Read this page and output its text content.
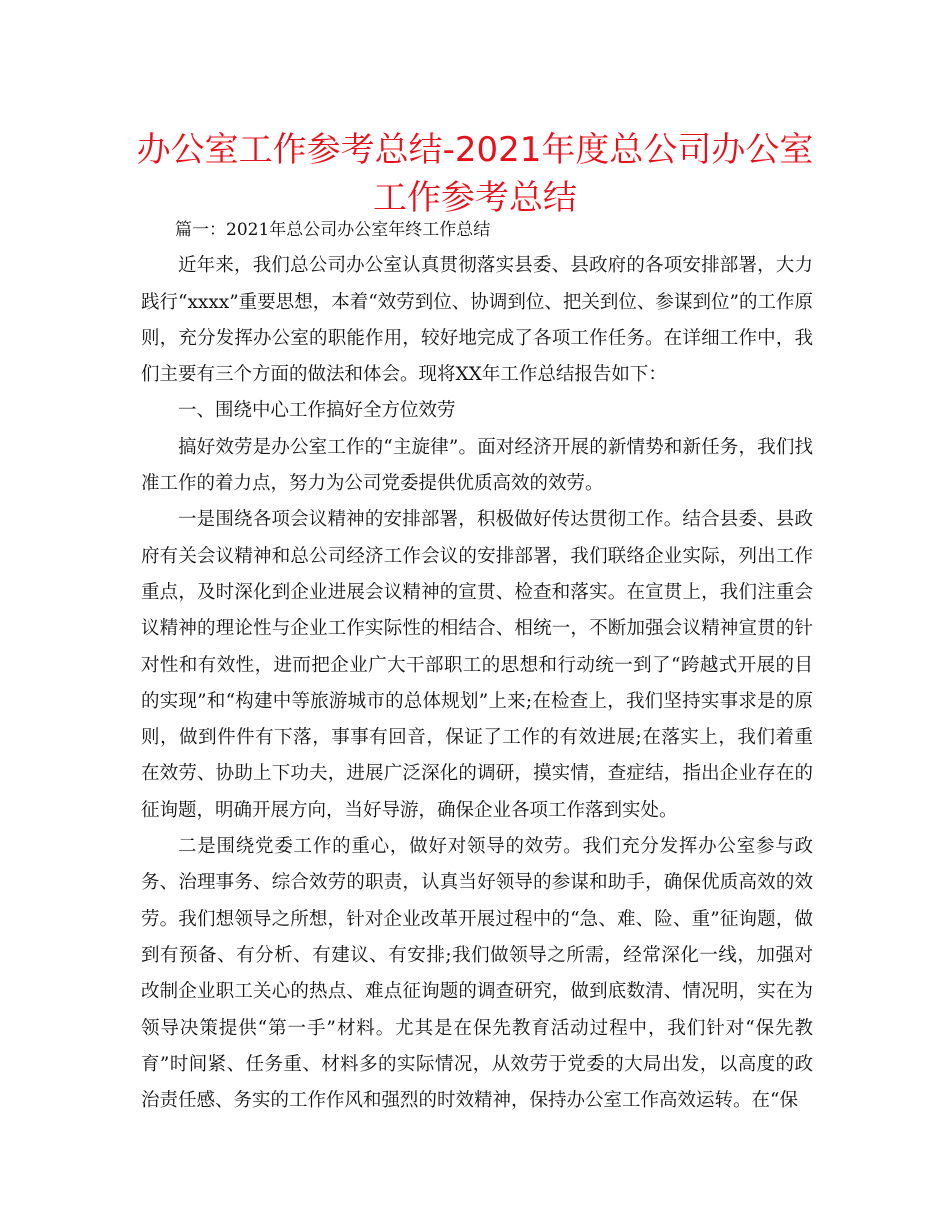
办公室工作参考总结-2021年度总公司办公室工作参考总结

篇一：2021年总公司办公室年终工作总结

近年来，我们总公司办公室认真贯彻落实县委、县政府的各项安排部署，大力践行“xxxx”重要思想，本着“效劳到位、协调到位、把关到位、参谋到位”的工作原则，充分发挥办公室的职能作用，较好地完成了各项工作任务。在详细工作中，我们主要有三个方面的做法和体会。现将XX年工作总结报告如下：

一、围绕中心工作搞好全方位效劳

搞好效劳是办公室工作的“主旋律”。面对经济开展的新情势和新任务，我们找准工作的着力点，努力为公司党委提供优质高效的效劳。

一是围绕各项会议精神的安排部署，积极做好传达贯彻工作。结合县委、县政府有关会议精神和总公司经济工作会议的安排部署，我们联络企业实际，列出工作重点，及时深化到企业进展会议精神的宣贯、检查和落实。在宣贯上，我们注重会议精神的理论性与企业工作实际性的相结合、相统一，不断加强会议精神宣贯的针对性和有效性，进而把企业广大干部职工的思想和行动统一到了“跨越式开展的目的实现”和“构建中等旅游城市的总体规划”上来;在检查上，我们坚持实事求是的原则，做到件件有下落，事事有回音，保证了工作的有效进展;在落实上，我们着重在效劳、协助上下功夫，进展广泛深化的调研，摸实情，查症结，指出企业存在的征询题，明确开展方向，当好导游，确保企业各项工作落到实处。

二是围绕党委工作的重心，做好对领导的效劳。我们充分发挥办公室参与政务、治理事务、综合效劳的职责，认真当好领导的参谋和助手，确保优质高效的效劳。我们想领导之所想，针对企业改革开展过程中的“急、难、险、重”征询题，做到有预备、有分析、有建议、有安排;我们做领导之所需，经常深化一线，加强对改制企业职工关心的热点、难点征询题的调查研究，做到底数清、情况明，实在为领导决策提供“第一手”材料。尤其是在保先教育活动过程中，我们针对“保先教育”时间紧、任务重、材料多的实际情况，从效劳于党委的大局出发，以高度的政治责任感、务实的工作作风和强烈的时效精神，保持办公室工作高效运转。在“保
